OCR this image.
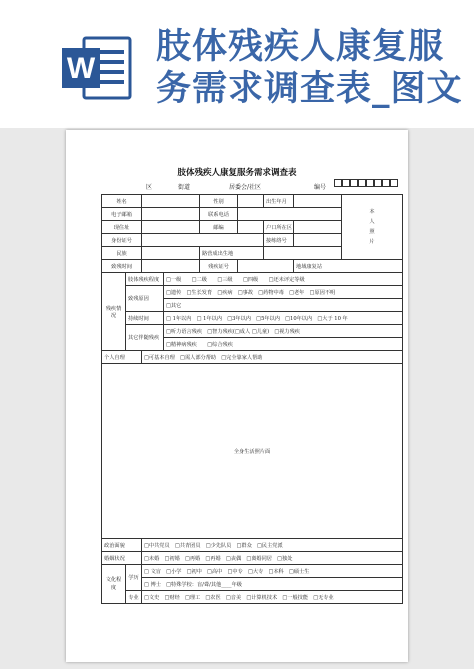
W
肢体残疾人康复服务需求调查表_图文
肢体残疾人康复服务需求调查表
区	街道	居委会/社区	编号
姓名				性别		出生年月		本人照片
电子邮箱				联系电话				
现住址				邮编		户口所在区		
身份证号						接练络号		
民族				路营成出生地				
致残时间				残疾证号			地域康复站	
残疾情况	肢体残疾程度		□一级　　□二级　　□三级　　□四级　　□还未评定等级					
	致残原因		□遗传　□生长发育　□疾病　□事故　□药物中毒　□老年　□原因不明					
			□其它					
	持续时间		□ 1年以内　□ 1年以内　□3年以内　□5年以内　□10年以内　□大于 10 年					
	其它伴随残疾		□听力语言残疾　□智力残疾(□成人 □儿童)　□视力残疾					
			□精神病残疾　　□综合残疾					
个人自理		□可基本自理　□需人部分帮助　□完全靠家人帮助						
全身生活照片面								
政治面貌		□中共党员　□共青团员　□少先队员　□群众　□民主党派						
婚姻状况		□未婚　□初婚　□再婚　□再婚　□丧偶　□离婚同居　□独处						
文化程度	学历	□ 文盲　□小学　□初中　□高中　□中专　□大专　□本科　□硕士生						
		□ 博士　□特殊学校：盲/聋/其他____年级						
	专业	□文史　□财经　□理工　□农医　□音美　□计算机技术　□一般技能　□无专业						
